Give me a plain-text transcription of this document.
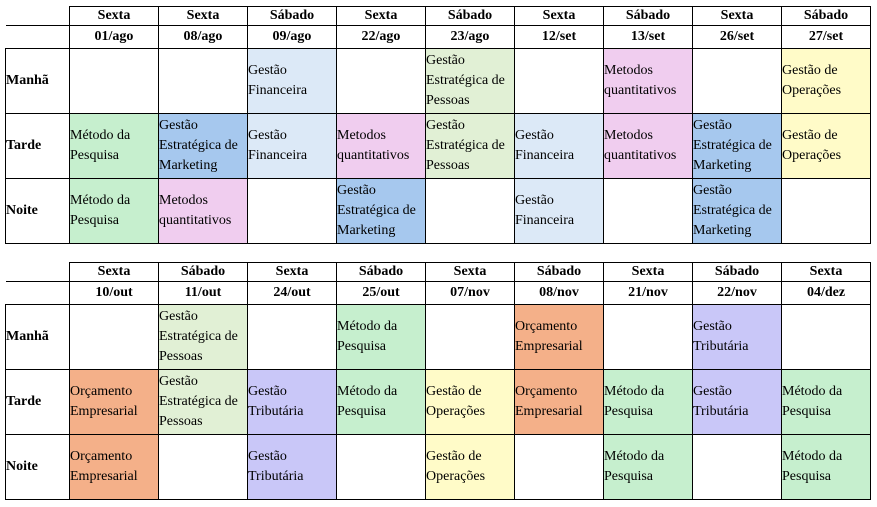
	Sexta	Sexta	Sábado	Sexta	Sábado	Sexta	Sábado	Sexta	Sábado
	01/ago	08/ago	09/ago	22/ago	23/ago	12/set	13/set	26/set	27/set
Manhã			Gestão Financeira		Gestão Estratégica de Pessoas		Metodos quantitativos		Gestão de Operações
Tarde	Método da Pesquisa	Gestão Estratégica de Marketing	Gestão Financeira	Metodos quantitativos	Gestão Estratégica de Pessoas	Gestão Financeira	Metodos quantitativos	Gestão Estratégica de Marketing	Gestão de Operações
Noite	Método da Pesquisa	Metodos quantitativos		Gestão Estratégica de Marketing		Gestão Financeira		Gestão Estratégica de Marketing	
	Sexta	Sábado	Sexta	Sábado	Sexta	Sábado	Sexta	Sábado	Sexta
	10/out	11/out	24/out	25/out	07/nov	08/nov	21/nov	22/nov	04/dez
Manhã		Gestão Estratégica de Pessoas		Método da Pesquisa		Orçamento Empresarial		Gestão Tributária	
Tarde	Orçamento Empresarial	Gestão Estratégica de Pessoas	Gestão Tributária	Método da Pesquisa	Gestão de Operações	Orçamento Empresarial	Método da Pesquisa	Gestão Tributária	Método da Pesquisa
Noite	Orçamento Empresarial		Gestão Tributária		Gestão de Operações		Método da Pesquisa		Método da Pesquisa
